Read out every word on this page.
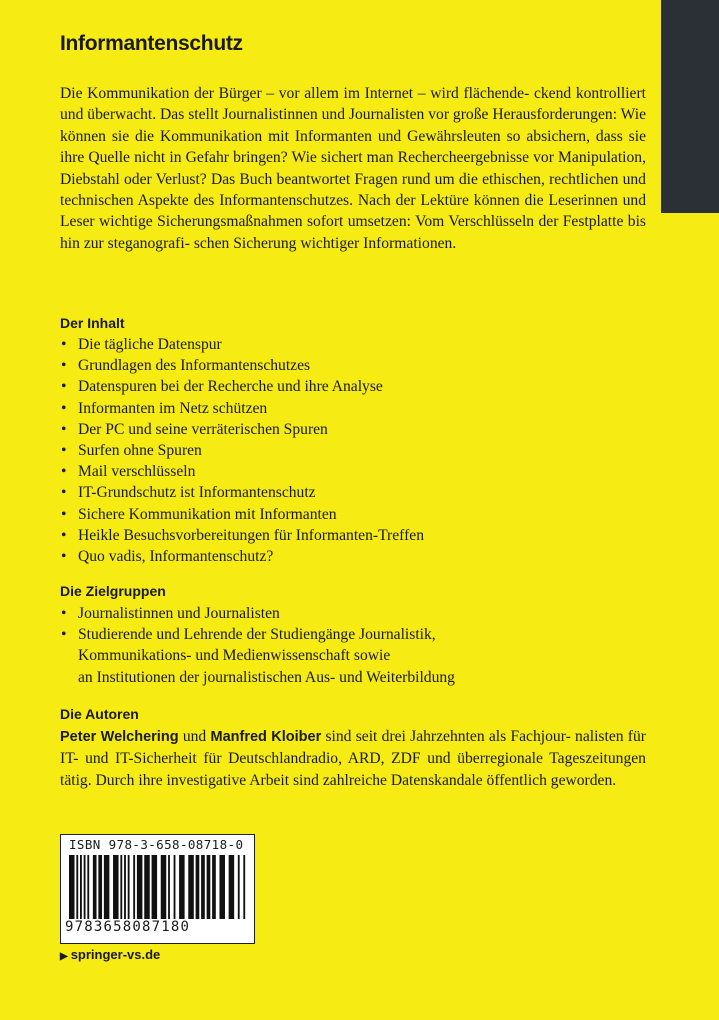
Informantenschutz

Die Kommunikation der Bürger – vor allem im Internet – wird flächende- ckend kontrolliert und überwacht. Das stellt Journalistinnen und Journalisten vor große Herausforderungen: Wie können sie die Kommunikation mit Informanten und Gewährsleuten so absichern, dass sie ihre Quelle nicht in Gefahr bringen? Wie sichert man Rechercheergebnisse vor Manipulation, Diebstahl oder Verlust? Das Buch beantwortet Fragen rund um die ethischen, rechtlichen und technischen Aspekte des Informantenschutzes. Nach der Lektüre können die Leserinnen und Leser wichtige Sicherungsmaßnahmen sofort umsetzen: Vom Verschlüsseln der Festplatte bis hin zur steganografi- schen Sicherung wichtiger Informationen.

Der Inhalt
• Die tägliche Datenspur
• Grundlagen des Informantenschutzes
• Datenspuren bei der Recherche und ihre Analyse
• Informanten im Netz schützen
• Der PC und seine verräterischen Spuren
• Surfen ohne Spuren
• Mail verschlüsseln
• IT-Grundschutz ist Informantenschutz
• Sichere Kommunikation mit Informanten
• Heikle Besuchsvorbereitungen für Informanten-Treffen
• Quo vadis, Informantenschutz?
Die Zielgruppen
• Journalistinnen und Journalisten
• Studierende und Lehrende der Studiengänge Journalistik,
Kommunikations- und Medienwissenschaft sowie
an Institutionen der journalistischen Aus- und Weiterbildung
Die Autoren

Peter Welchering und Manfred Kloiber sind seit drei Jahrzehnten als Fachjour- nalisten für IT- und IT-Sicherheit für Deutschlandradio, ARD, ZDF und überregionale Tageszeitungen tätig. Durch ihre investigative Arbeit sind zahlreiche Datenskandale öffentlich geworden.

ISBN 978-3-658-08718-0
9783658087180
▶ springer-vs.de
